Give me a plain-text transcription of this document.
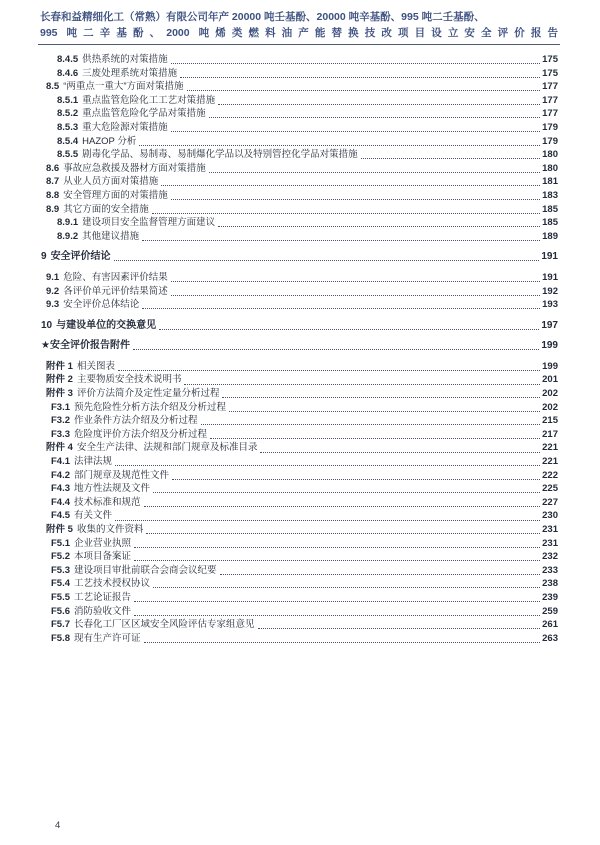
长春和益精细化工（常熟）有限公司年产 20000 吨壬基酚、20000 吨辛基酚、995 吨二壬基酚、
995 吨二辛基酚、2000 吨烯类燃料油产能替换技改项目设立安全评价报告
8.4.5 供热系统的对策措施	175
8.4.6 三废处理系统对策措施	175
8.5 “两重点一重大”方面对策措施	177
8.5.1 重点监管危险化工工艺对策措施	177
8.5.2 重点监管危险化学品对策措施	177
8.5.3 重大危险源对策措施	179
8.5.4 HAZOP 分析	179
8.5.5 剧毒化学品、易制毒、易制爆化学品以及特别管控化学品对策措施	180
8.6 事故应急救援及器材方面对策措施	180
8.7 从业人员方面对策措施	181
8.8 安全管理方面的对策措施	183
8.9 其它方面的安全措施	185
8.9.1 建设项目安全监督管理方面建议	185
8.9.2 其他建议措施	189
9 安全评价结论	191
9.1 危险、有害因素评价结果	191
9.2 各评价单元评价结果简述	192
9.3 安全评价总体结论	193
10 与建设单位的交换意见	197
★安全评价报告附件	199
附件 1 相关图表	199
附件 2 主要物质安全技术说明书	201
附件 3 评价方法简介及定性定量分析过程	202
F3.1 预先危险性分析方法介绍及分析过程	202
F3.2 作业条件方法介绍及分析过程	215
F3.3 危险度评价方法介绍及分析过程	217
附件 4 安全生产法律、法规和部门规章及标准目录	221
F4.1 法律法规	221
F4.2 部门规章及规范性文件	222
F4.3 地方性法规及文件	225
F4.4 技术标准和规范	227
F4.5 有关文件	230
附件 5 收集的文件资料	231
F5.1 企业营业执照	231
F5.2 本项目备案证	232
F5.3 建设项目审批前联合会商会议纪要	233
F5.4 工艺技术授权协议	238
F5.5 工艺论证报告	239
F5.6 消防验收文件	259
F5.7 长春化工厂区区域安全风险评估专家组意见	261
F5.8 现有生产许可证	263
4
